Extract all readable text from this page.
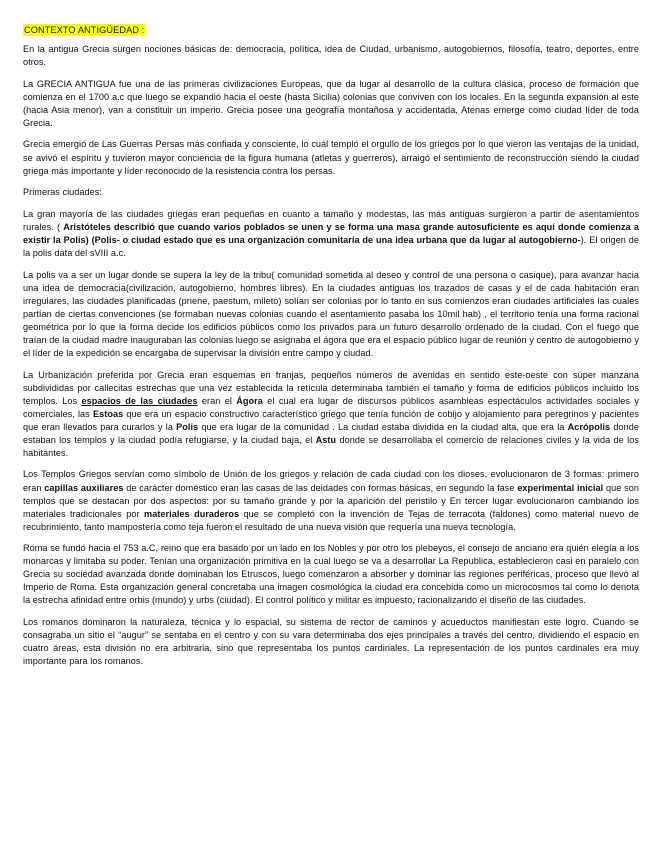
CONTEXTO ANTIGÜEDAD :

En la antigua Grecia surgen nociones básicas de: democracia, política, idea de Ciudad, urbanismo, autogobiernos, filosofía, teatro, deportes, entre otros.

La GRECIA ANTIGUA fue una de las primeras civilizaciones Europeas, que da lugar al desarrollo de la cultura clásica, proceso de formación que comienza en el 1700 a.c que luego se expandió hacia el oeste (hasta Sicilia) colonias que conviven con los locales. En la segunda expansión al este (hacia Asia menor), van a constituir un imperio. Grecia posee una geografía montañosa y accidentada, Atenas emerge como ciudad líder de toda Grecia.

Grecia emergió de Las Guerras Persas más confiada y consciente, lo cuál templó el orgullo de los griegos por lo que vieron las ventajas de la unidad, se avivó el espíritu y tuvieron mayor conciencia de la figura humana (atletas y guerreros), arraigó el sentimiento de reconstrucción siendo la ciudad griega más importante y líder reconocido de la resistencia contra los persas.

Primeras ciudades:

La gran mayoría de las ciudades griegas eran pequeñas en cuanto a tamaño y modestas, las más antiguas surgieron a partir de asentamientos rurales. ( Aristóteles describió que cuando varios poblados se unen y se forma una masa grande autosuficiente es aquí donde comienza a existir la Polis) (Polis- o ciudad estado que es una organización comunitaria de una idea urbana que da lugar al autogobierno-). El origen de la polis data del sVIII a.c.

La polis va a ser un lugar donde se supera la ley de la tribu( comunidad sometida al deseo y control de una persona o casique), para avanzar hacia una idea de democracia(civilización, autogobierno, hombres libres). En la ciudades antiguas los trazados de casas y el de cada habitación eran irregulares, las ciudades planificadas (priene, paestum, mileto) solían ser colonias por lo tanto en sus comienzos eran ciudades artificiales las cuales partían de ciertas convenciones (se formaban nuevas colonias cuando el asentamiento pasaba los 10mil hab) , el territorio tenía una forma racional geométrica por lo que la forma decide los edificios públicos como los privados para un futuro desarrollo ordenado de la ciudad. Con el fuego que traían de la ciudad madre inauguraban las colonias luego se asignaba el ágora que era el espacio público lugar de reunión y centro de autogobierno y el líder de la expedición se encargaba de supervisar la división entre campo y ciudad.

La Urbanización preferida por Grecia eran esquemas en franjas, pequeños números de avenidas en sentido este-oeste con súper manzana subdivididas por callecitas estrechas que una vez establecida la retícula determinaba también el tamaño y forma de edificios públicos incluido los templos. Los espacios de las ciudades eran el Ágora el cual era lugar de discursos públicos asambleas espectáculos actividades sociales y comerciales, las Estoas que era un espacio constructivo característico griego que tenía función de cobijo y alojamiento para peregrinos y pacientes que eran llevados para curarlos y la Polis que era lugar de la comunidad . La ciudad estaba dividida en la ciudad alta, que era la Acrópolis donde estaban los templos y la ciudad podía refugiarse, y la ciudad baja, el Astu donde se desarrollaba el comercio de relaciones civiles y la vida de los habitantes.

Los Templos Griegos servían como símbolo de Unión de los griegos y relación de cada ciudad con los dioses, evolucionaron de 3 formas: primero eran capillas auxiliares de carácter doméstico eran las casas de las deidades con formas básicas, en segundo la fase experimental inicial que son templos que se destacan por dos aspectos: por su tamaño grande y por la aparición del peristilo y En tercer lugar evolucionaron cambiando los materiales tradicionales por materiales duraderos que se completó con la invención de Tejas de terracota (faldones) como material nuevo de recubrimiento, tanto mampostería como teja fueron el resultado de una nueva visión que requería una nueva tecnología.

Roma se fundó hacia el 753 a.C, reino que era basado por un lado en los Nobles y por otro los plebeyos, el consejo de anciano era quién elegía a los monarcas y limitaba su poder. Tenían una organización primitiva en la cual luego se va a desarrollar La Republica, establecieron casi en paralelo con Grecia su sociedad avanzada donde dominaban los Etruscos, luego comenzaron a absorber y dominar las regiones periféricas, proceso que llevó al Imperio de Roma. Esta organización general concretaba una imagen cosmológica la ciudad era concebida como un microcosmos tal como lo denota la estrecha afinidad entre orbis (mundo) y urbs (ciudad). El control político y militar es impuesto, racionalizando el diseño de las ciudades.

Los romanos dominaron la naturaleza, técnica y lo espacial, su sistema de rector de caminos y acueductos manifiestan este logro. Cuando se consagraba un sitio el “augur” se sentaba en el centro y con su vara determinaba dos ejes principales a través del centro, dividiendo el espacio en cuatro áreas, esta división no era arbitraria, sino que representaba los puntos cardinales. La representación de los puntos cardinales era muy importante para los romanos.
